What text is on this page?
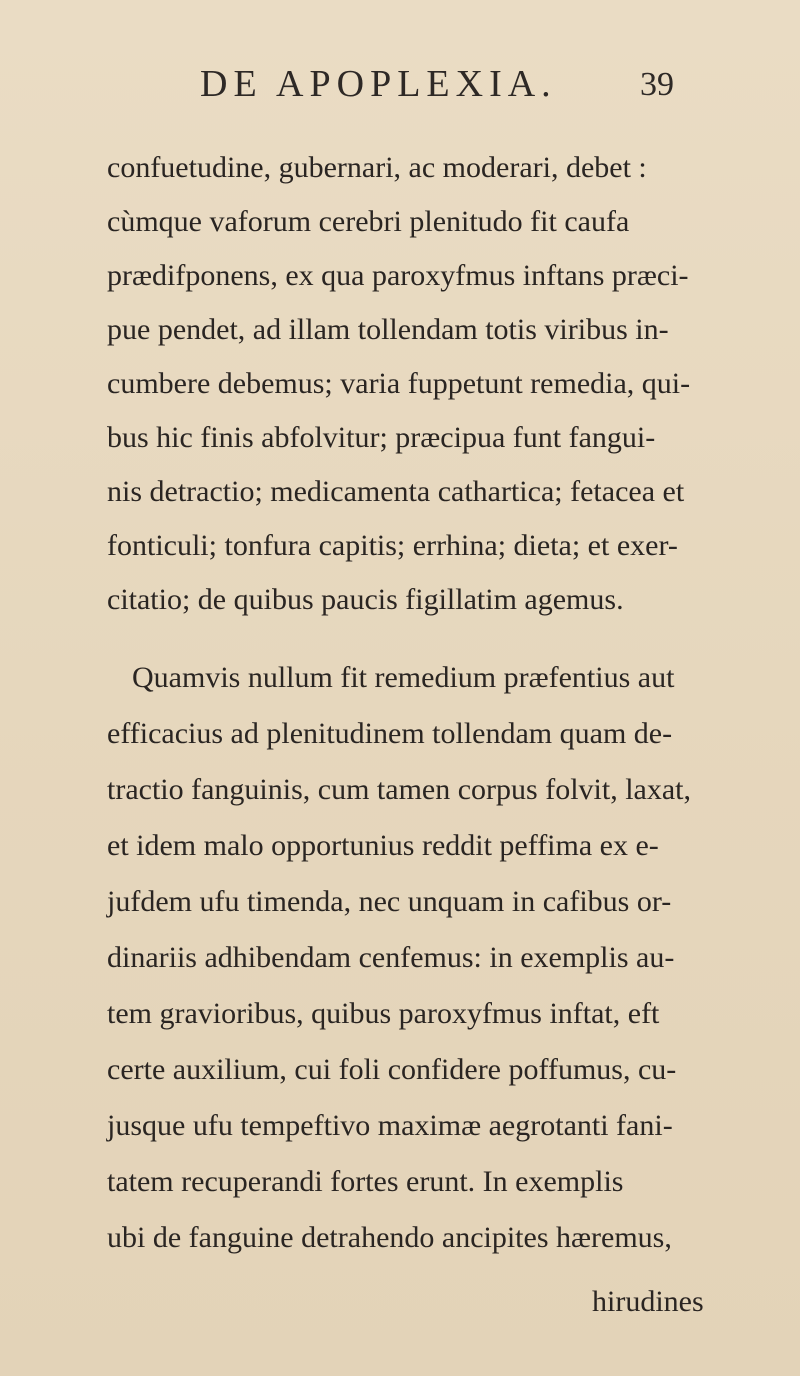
DE APOPLEXIA. 39
confuetudine, gubernari, ac moderari, debet :
cùmque vaforum cerebri plenitudo fit caufa
prædifponens, ex qua paroxyfmus inftans præci-
pue pendet, ad illam tollendam totis viribus in-
cumbere debemus; varia fuppetunt remedia, qui-
bus hic finis abfolvitur; præcipua funt fangui-
nis detractio; medicamenta cathartica; fetacea et
fonticuli; tonfura capitis; errhina; dieta; et exer-
citatio; de quibus paucis figillatim agemus.
Quamvis nullum fit remedium præfentius aut
efficacius ad plenitudinem tollendam quam de-
tractio fanguinis, cum tamen corpus folvit, laxat,
et idem malo opportunius reddit peffima ex e-
jufdem ufu timenda, nec unquam in cafibus or-
dinariis adhibendam cenfemus: in exemplis au-
tem gravioribus, quibus paroxyfmus inftat, eft
certe auxilium, cui foli confidere poffumus, cu-
jusque ufu tempeftivo maximæ aegrotanti fani-
tatem recuperandi fortes erunt. In exemplis
ubi de fanguine detrahendo ancipites hæremus,
hirudines
